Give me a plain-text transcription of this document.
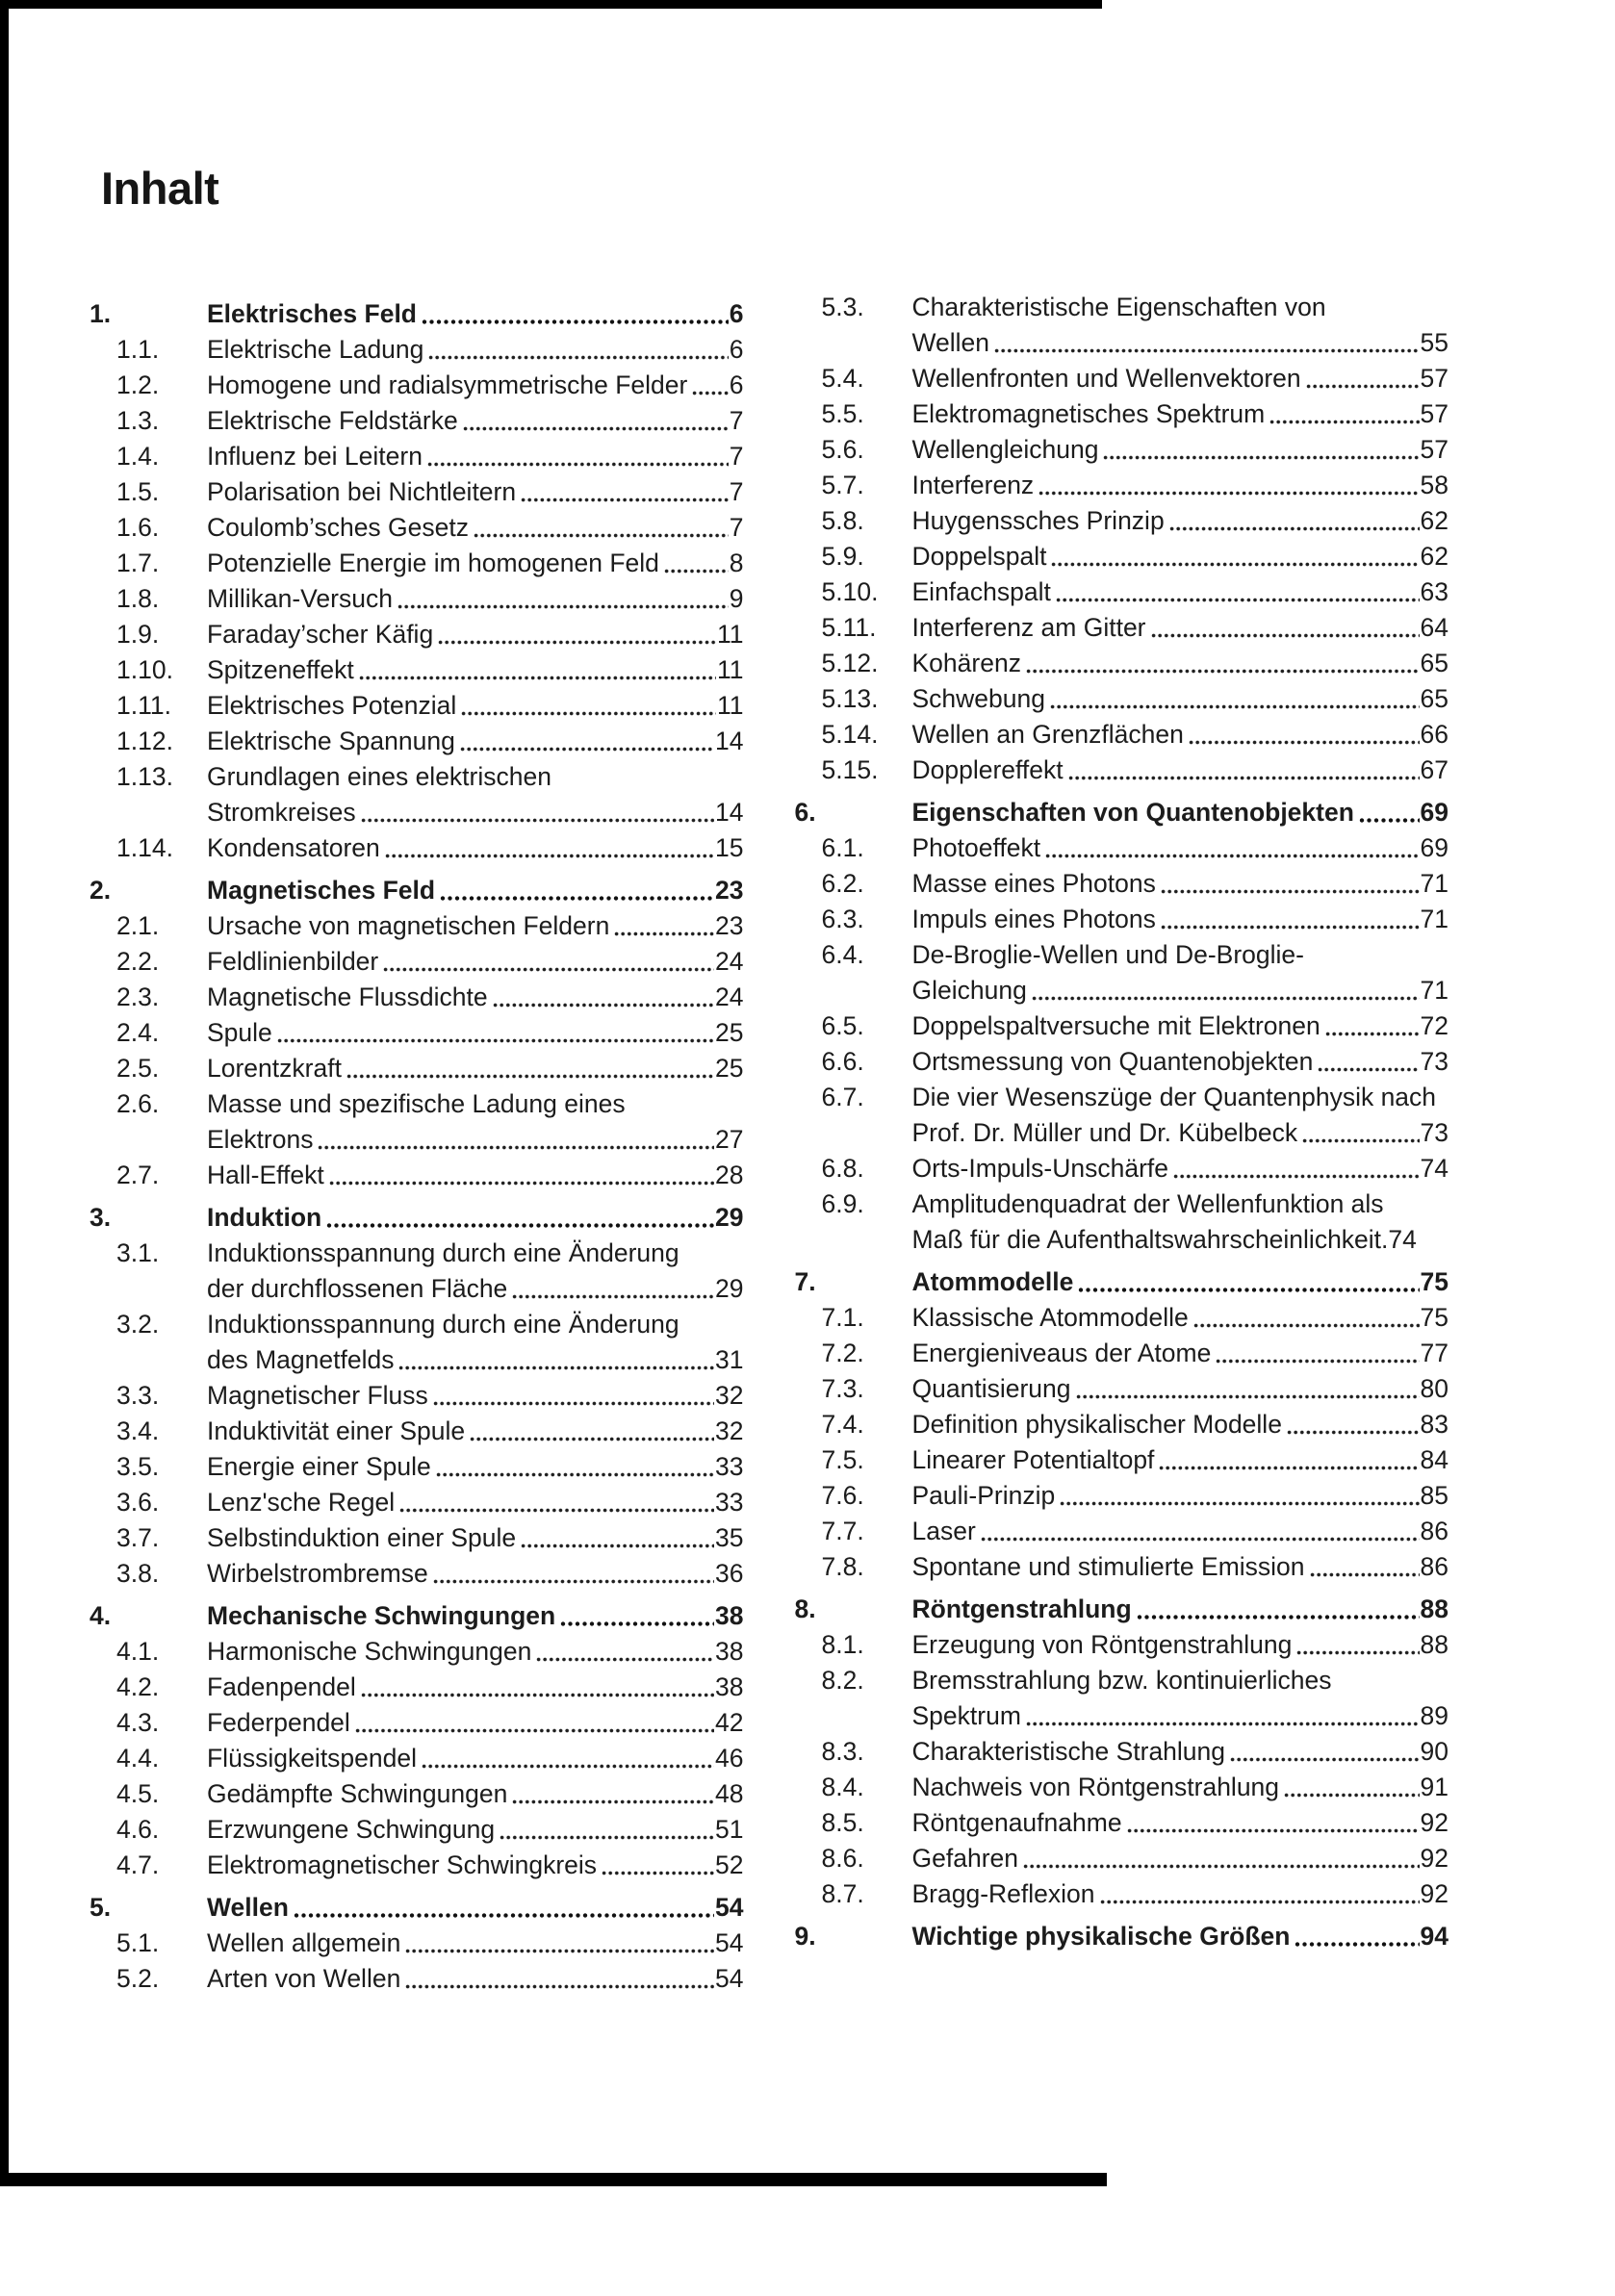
Inhalt
1.	Elektrisches Feld	6
1.1.	Elektrische Ladung	6
1.2.	Homogene und radialsymmetrische Felder 6
1.3.	Elektrische Feldstärke	7
1.4.	Influenz bei Leitern	7
1.5.	Polarisation bei Nichtleitern	7
1.6.	Coulomb’sches Gesetz	7
1.7.	Potenzielle Energie im homogenen Feld	8
1.8.	Millikan-Versuch	9
1.9.	Faraday’scher Käfig	11
1.10.	Spitzeneffekt	11
1.11.	Elektrisches Potenzial	11
1.12.	Elektrische Spannung	14
1.13.	Grundlagen eines elektrischen
Stromkreises	14
1.14.	Kondensatoren	15
2.	Magnetisches Feld	23
2.1.	Ursache von magnetischen Feldern	23
2.2.	Feldlinienbilder	24
2.3.	Magnetische Flussdichte	24
2.4.	Spule	25
2.5.	Lorentzkraft	25
2.6.	Masse und spezifische Ladung eines
Elektrons	27
2.7.	Hall-Effekt	28
3.	Induktion	29
3.1.	Induktionsspannung durch eine Änderung
der durchflossenen Fläche	29
3.2.	Induktionsspannung durch eine Änderung
des Magnetfelds	31
3.3.	Magnetischer Fluss	32
3.4.	Induktivität einer Spule	32
3.5.	Energie einer Spule	33
3.6.	Lenz'sche Regel	33
3.7.	Selbstinduktion einer Spule	35
3.8.	Wirbelstrombremse	36
4.	Mechanische Schwingungen	38
4.1.	Harmonische Schwingungen	38
4.2.	Fadenpendel	38
4.3.	Federpendel	42
4.4.	Flüssigkeitspendel	46
4.5.	Gedämpfte Schwingungen	48
4.6.	Erzwungene Schwingung	51
4.7.	Elektromagnetischer Schwingkreis	52
5.	Wellen	54
5.1.	Wellen allgemein	54
5.2.	Arten von Wellen	54
5.3.	Charakteristische Eigenschaften von
Wellen	55
5.4.	Wellenfronten und Wellenvektoren	57
5.5.	Elektromagnetisches Spektrum	57
5.6.	Wellengleichung	57
5.7.	Interferenz	58
5.8.	Huygenssches Prinzip	62
5.9.	Doppelspalt	62
5.10.	Einfachspalt	63
5.11.	Interferenz am Gitter	64
5.12.	Kohärenz	65
5.13.	Schwebung	65
5.14.	Wellen an Grenzflächen	66
5.15.	Dopplereffekt	67
6.	Eigenschaften von Quantenobjekten	69
6.1.	Photoeffekt	69
6.2.	Masse eines Photons	71
6.3.	Impuls eines Photons	71
6.4.	De-Broglie-Wellen und De-Broglie-
Gleichung	71
6.5.	Doppelspaltversuche mit Elektronen	72
6.6.	Ortsmessung von Quantenobjekten	73
6.7.	Die vier Wesenszüge der Quantenphysik nach
Prof. Dr. Müller und Dr. Kübelbeck	73
6.8.	Orts-Impuls-Unschärfe	74
6.9.	Amplitudenquadrat der Wellenfunktion als
Maß für die Aufenthaltswahrscheinlichkeit. 74
7.	Atommodelle	75
7.1.	Klassische Atommodelle	75
7.2.	Energieniveaus der Atome	77
7.3.	Quantisierung	80
7.4.	Definition physikalischer Modelle	83
7.5.	Linearer Potentialtopf	84
7.6.	Pauli-Prinzip	85
7.7.	Laser	86
7.8.	Spontane und stimulierte Emission	86
8.	Röntgenstrahlung	88
8.1.	Erzeugung von Röntgenstrahlung	88
8.2.	Bremsstrahlung bzw. kontinuierliches
Spektrum	89
8.3.	Charakteristische Strahlung	90
8.4.	Nachweis von Röntgenstrahlung	91
8.5.	Röntgenaufnahme	92
8.6.	Gefahren	92
8.7.	Bragg-Reflexion	92
9.	Wichtige physikalische Größen	94
